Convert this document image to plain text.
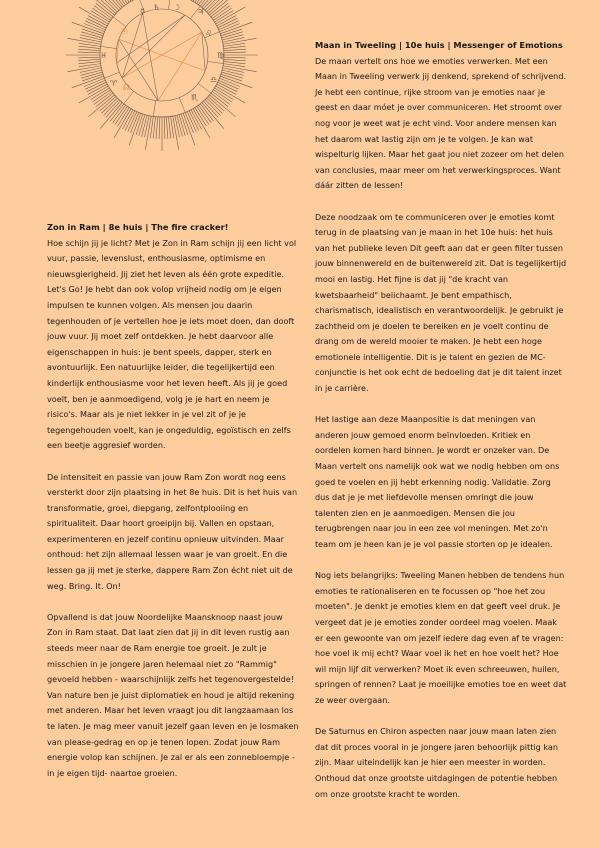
☿ ♄ ☽ ♃
♌
♍
♎
♏
♈
♓
☉
☊
Zon in Ram | 8e huis | The fire cracker!

Hoe schijn jij je licht? Met je Zon in Ram schijn jij een licht vol vuur, passie, levenslust, enthousiasme, optimisme en nieuwsgierigheid. Jij ziet het leven als één grote expeditie. Let's Go! Je hebt dan ook volop vrijheid nodig om je eigen impulsen te kunnen volgen. Als mensen jou daarin tegenhouden of je vertellen hoe je iets moet doen, dan dooft jouw vuur. Jij moet zelf ontdekken. Je hebt daarvoor alle eigenschappen in huis: je bent speels, dapper, sterk en avontuurlijk. Een natuurlijke leider, die tegelijkertijd een kinderlijk enthousiasme voor het leven heeft. Als jij je goed voelt, ben je aanmoedigend, volg je je hart en neem je risico's. Maar als je niet lekker in je vel zit of je je tegengehouden voelt, kan je ongeduldig, egoïstisch en zelfs een beetje aggresief worden.

De intensiteit en passie van jouw Ram Zon wordt nog eens versterkt door zijn plaatsing in het 8e huis. Dit is het huis van transformatie, groei, diepgang, zelfontplooiing en spiritualiteit. Daar hoort groeipijn bij. Vallen en opstaan, experimenteren en jezelf continu opnieuw uitvinden. Maar onthoud: het zijn allemaal lessen waar je van groeit. En die lessen ga jij met je sterke, dappere Ram Zon écht niet uit de weg. Bring. It. On!

Opvallend is dat jouw Noordelijke Maansknoop naast jouw Zon in Ram staat. Dat laat zien dat jij in dit leven rustig aan steeds meer naar de Ram energie toe groeit. Je zult je misschien in je jongere jaren helemaal niet zo "Rammig" gevoeld hebben - waarschijnlijk zelfs het tegenovergestelde! Van nature ben je juist diplomatiek en houd je altijd rekening met anderen. Maar het leven vraagt jou dit langzaamaan los te laten. Je mag meer vanuit jezelf gaan leven en je losmaken van please-gedrag en op je tenen lopen. Zodat jouw Ram energie volop kan schijnen. Je zal er als een zonnebloempje -in je eigen tijd- naartoe groeien.

Maan in Tweeling | 10e huis | Messenger of Emotions

De maan vertelt ons hoe we emoties verwerken. Met een Maan in Tweeling verwerk jij denkend, sprekend of schrijvend. Je hebt een continue, rijke stroom van je emoties naar je geest en daar móet je over communiceren. Het stroomt over nog voor je weet wat je echt vind. Voor andere mensen kan het daarom wat lastig zijn om je te volgen. Je kan wat wispelturig lijken. Maar het gaat jou niet zozeer om het delen van conclusies, maar meer om het verwerkingsproces. Want dáár zitten de lessen!

Deze noodzaak om te communiceren over je emoties komt terug in de plaatsing van je maan in het 10e huis: het huis van het publieke leven Dit geeft aan dat er geen filter tussen jouw binnenwereld en de buitenwereld zit. Dat is tegelijkertijd mooi en lastig. Het fijne is dat jij "de kracht van kwetsbaarheid" belichaamt. Je bent empathisch, charismatisch, idealistisch en verantwoordelijk. Je gebruikt je zachtheid om je doelen te bereiken en je voelt continu de drang om de wereld mooier te maken. Je hebt een hoge emotionele intelligentie. Dit is je talent en gezien de MC-conjunctie is het ook echt de bedoeling dat je dit talent inzet in je carrière.

Het lastige aan deze Maanpositie is dat meningen van anderen jouw gemoed enorm beïnvloeden. Kritiek en oordelen komen hard binnen. Je wordt er onzeker van. De Maan vertelt ons namelijk ook wat we nodig hebben om ons goed te voelen en jij hebt erkenning nodig. Validatie. Zorg dus dat je je met liefdevolle mensen omringt die jouw talenten zien en je aanmoedigen. Mensen die jou terugbrengen naar jou in een zee vol meningen. Met zo'n team om je heen kan je je vol passie storten op je idealen.

Nog iets belangrijks: Tweeling Manen hebben de tendens hun emoties te rationaliseren en te focussen op "hoe het zou moeten". Je denkt je emoties klem en dat geeft veel druk. Je vergeet dat je je emoties zonder oordeel mag voelen. Maak er een gewoonte van om jezelf iedere dag even af te vragen: hoe voel ik mij echt? Waar voel ik het en hoe voelt het? Hoe wil mijn lijf dit verwerken? Moet ik even schreeuwen, huilen, springen of rennen? Laat je moeilijke emoties toe en weet dat ze weer overgaan.

De Saturnus en Chiron aspecten naar jouw maan laten zien dat dit proces vooral in je jongere jaren behoorlijk pittig kan zijn. Maar uiteindelijk kan je hier een meester in worden. Onthoud dat onze grootste uitdagingen de potentie hebben om onze grootste kracht te worden.
